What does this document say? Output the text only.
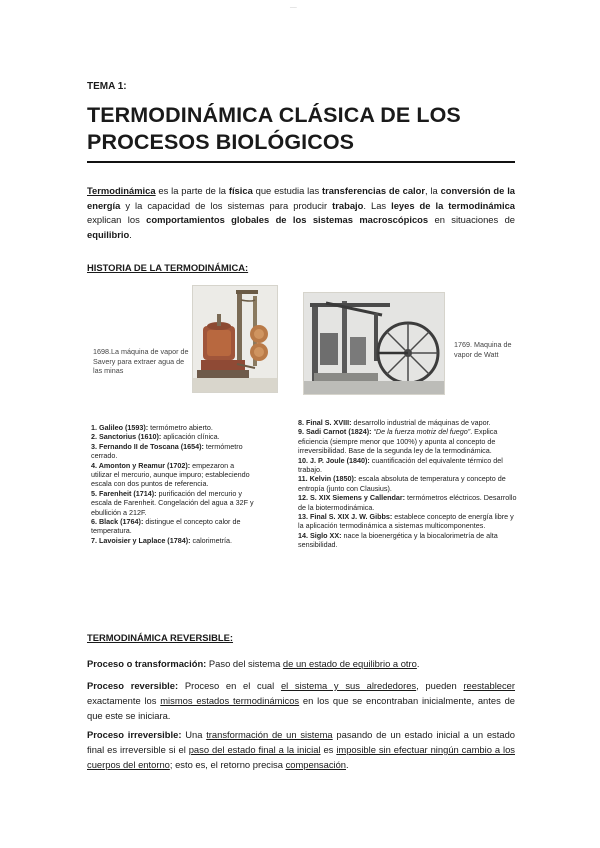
___
TEMA 1:
TERMODINÁMICA CLÁSICA DE LOS
PROCESOS BIOLÓGICOS

Termodinámica es la parte de la física que estudia las transferencias de calor, la conversión de la energía y la capacidad de los sistemas para producir trabajo. Las leyes de la termodinámica explican los comportamientos globales de los sistemas macroscópicos en situaciones de equilibrio.

HISTORIA DE LA TERMODINÁMICA:
1698.La máquina de vapor de Savery para extraer agua de las minas
1769. Maquina de vapor de Watt

1. Galileo (1593): termómetro abierto.

2. Sanctorius (1610): aplicación clínica.

3. Fernando II de Toscana (1654): termómetro cerrado.

4. Amonton y Reamur (1702): empezaron a utilizar el mercurio, aunque impuro; estableciendo escala con dos puntos de referencia.

5. Farenheit (1714): purificación del mercurio y escala de Farenheit. Congelación del agua a 32F y ebullición a 212F.

6. Black (1764): distingue el concepto calor de temperatura.

7. Lavoisier y Laplace (1784): calorimetría.

8. Final S. XVIII: desarrollo industrial de máquinas de vapor.

9. Sadi Carnot (1824): “De la fuerza motriz del fuego”. Explica eficiencia (siempre menor que 100%) y apunta al concepto de irreversibilidad. Base de la segunda ley de la termodinámica.

10. J. P. Joule (1840): cuantificación del equivalente térmico del trabajo.

11. Kelvin (1850): escala absoluta de temperatura y concepto de entropía (junto con Clausius).

12. S. XIX Siemens y Callendar: termómetros eléctricos. Desarrollo de la biotermodinámica.

13. Final S. XIX J. W. Gibbs: establece concepto de energía libre y la aplicación termodinámica a sistemas multicomponentes.

14. Siglo XX: nace la bioenergética y la biocalorimetría de alta sensibilidad.

TERMODINÁMICA REVERSIBLE:

Proceso o transformación: Paso del sistema de un estado de equilibrio a otro.

Proceso reversible: Proceso en el cual el sistema y sus alrededores, pueden reestablecer exactamente los mismos estados termodinámicos en los que se encontraban inicialmente, antes de que este se iniciara.

Proceso irreversible: Una transformación de un sistema pasando de un estado inicial a un estado final es irreversible si el paso del estado final a la inicial es imposible sin efectuar ningún cambio a los cuerpos del entorno; esto es, el retorno precisa compensación.
